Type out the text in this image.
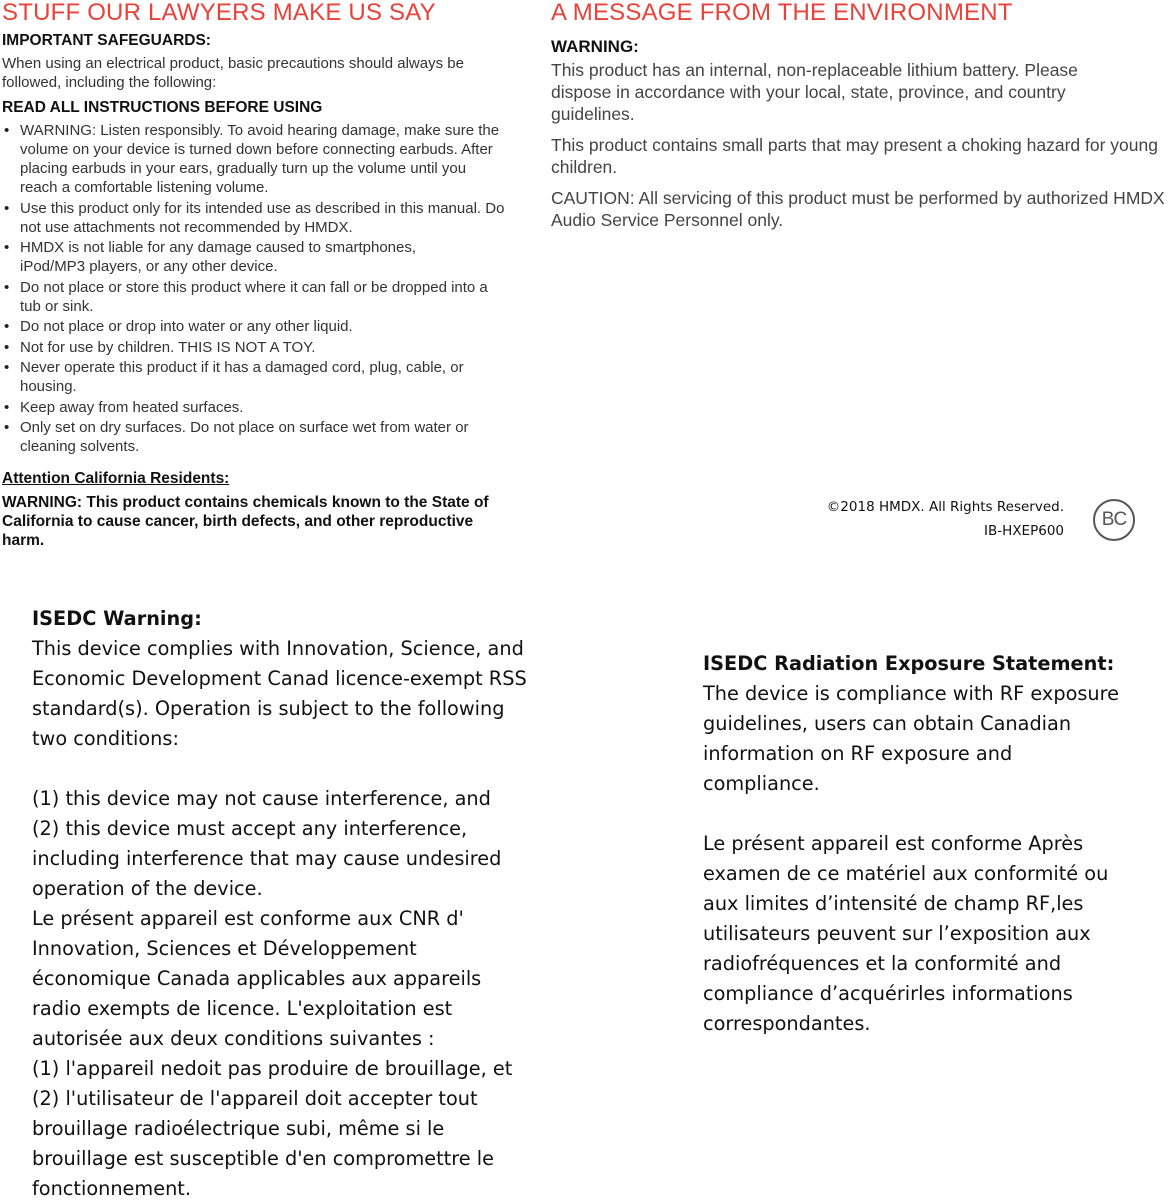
STUFF OUR LAWYERS MAKE US SAY

IMPORTANT SAFEGUARDS:

When using an electrical product, basic precautions should always be followed, including the following:

READ ALL INSTRUCTIONS BEFORE USING

• WARNING: Listen responsibly. To avoid hearing damage, make sure the volume on your device is turned down before connecting earbuds. After placing earbuds in your ears, gradually turn up the volume until you reach a comfortable listening volume.
• Use this product only for its intended use as described in this manual. Do not use attachments not recommended by HMDX.
• HMDX is not liable for any damage caused to smartphones, iPod/MP3 players, or any other device.
• Do not place or store this product where it can fall or be dropped into a tub or sink.
• Do not place or drop into water or any other liquid.
• Not for use by children. THIS IS NOT A TOY.
• Never operate this product if it has a damaged cord, plug, cable, or housing.
• Keep away from heated surfaces.
• Only set on dry surfaces. Do not place on surface wet from water or cleaning solvents.

Attention California Residents:

WARNING: This product contains chemicals known to the State of California to cause cancer, birth defects, and other reproductive harm.

A MESSAGE FROM THE ENVIRONMENT

WARNING:

This product has an internal, non-replaceable lithium battery. Please dispose in accordance with your local, state, province, and country guidelines.

This product contains small parts that may present a choking hazard for young children.

CAUTION: All servicing of this product must be performed by authorized HMDX Audio Service Personnel only.

©2018 HMDX. All Rights Reserved.
IB-HXEP600
BC

ISEDC Warning:

This device complies with Innovation, Science, and Economic Development Canad licence-exempt RSS standard(s). Operation is subject to the following two conditions:

(1) this device may not cause interference, and

(2) this device must accept any interference, including interference that may cause undesired operation of the device.

Le présent appareil est conforme aux CNR d' Innovation, Sciences et Développement économique Canada applicables aux appareils radio exempts de licence. L'exploitation est autorisée aux deux conditions suivantes :

(1) l'appareil nedoit pas produire de brouillage, et

(2) l'utilisateur de l'appareil doit accepter tout brouillage radioélectrique subi, même si le brouillage est susceptible d'en compromettre le fonctionnement.

ISEDC Radiation Exposure Statement:

The device is compliance with RF exposure guidelines, users can obtain Canadian information on RF exposure and compliance.

Le présent appareil est conforme Après examen de ce matériel aux conformité ou aux limites d’intensité de champ RF,les utilisateurs peuvent sur l’exposition aux radiofréquences et la conformité and compliance d’acquérirles informations correspondantes.
